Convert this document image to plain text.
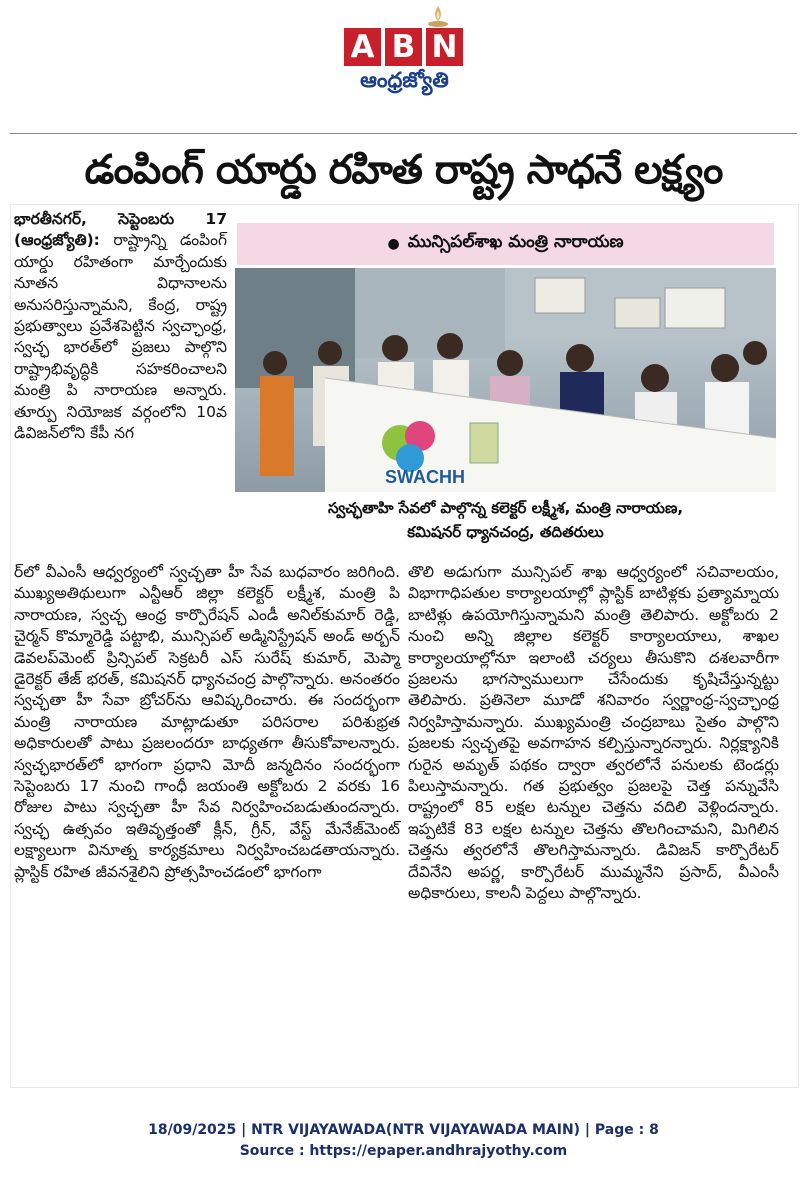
A B N
ఆంధ్రజ్యోతి
డంపింగ్ యార్డు రహిత రాష్ట్ర సాధనే లక్ష్యం

భారతీనగర్, సెప్టెంబరు 17 (ఆంధ్రజ్యోతి): రాష్ట్రాన్ని డంపింగ్ యార్డు రహితంగా మార్చేందుకు నూతన విధానాలను అనుసరిస్తున్నామని, కేంద్ర, రాష్ట్ర ప్రభుత్వాలు ప్రవేశపెట్టిన స్వచ్ఛాంధ్ర, స్వచ్ఛ భారత్‌లో ప్రజలు పాల్గొని రాష్ట్రాభివృద్ధికి సహకరించాలని మంత్రి పి నారాయణ అన్నారు. తూర్పు నియోజక వర్గంలోని 10వ డివిజన్‌లోని కేపీ నగ

● మున్సిపల్‌శాఖ మంత్రి నారాయణ
SWACHH
స్వచ్ఛతాహి సేవలో పాల్గొన్న కలెక్టర్ లక్ష్మీశ, మంత్రి నారాయణ,
కమిషనర్ ధ్యానచంద్ర, తదితరులు

ర్‌లో వీఎంసీ ఆధ్వర్యంలో స్వచ్ఛతా హీ సేవ బుధవారం జరిగింది. ముఖ్యఅతిథులుగా ఎన్టీఆర్ జిల్లా కలెక్టర్ లక్ష్మీశ, మంత్రి పి నారాయణ, స్వచ్ఛ ఆంధ్ర కార్పొరేషన్ ఎండీ అనిల్‌కుమార్ రెడ్డి, చైర్మన్ కొమ్మారెడ్డి పట్టాభి, మున్సిపల్ అడ్మినిస్ట్రేషన్ అండ్ అర్బన్ డెవలప్‌మెంట్ ప్రిన్సిపల్ సెక్రటరీ ఎస్ సురేష్ కుమార్, మెప్మా డైరెక్టర్ తేజ్ భరత్, కమిషనర్ ధ్యానచంద్ర పాల్గొన్నారు. అనంతరం స్వచ్ఛతా హీ సేవా బ్రోచర్‌ను ఆవిష్కరించారు. ఈ సందర్భంగా మంత్రి నారాయణ మాట్లాడుతూ పరిసరాల పరిశుభ్రత అధికారులతో పాటు ప్రజలందరూ బాధ్యతగా తీసుకోవాలన్నారు. స్వచ్ఛభారత్‌లో భాగంగా ప్రధాని మోదీ జన్మదినం సందర్భంగా సెప్టెంబరు 17 నుంచి గాంధీ జయంతి అక్టోబరు 2 వరకు 16 రోజుల పాటు స్వచ్ఛతా హీ సేవ నిర్వహించబడుతుందన్నారు. స్వచ్ఛ ఉత్సవం ఇతివృత్తంతో క్లీన్, గ్రీన్, వేస్ట్ మేనేజ్‌మెంట్ లక్ష్యాలుగా వినూత్న కార్యక్రమాలు నిర్వహించబడతాయన్నారు. ప్లాస్టిక్ రహిత జీవనశైలిని ప్రోత్సహించడంలో భాగంగా

తొలి అడుగుగా మున్సిపల్ శాఖ ఆధ్వర్యంలో సచివాలయం, విభాగాధిపతుల కార్యాలయాల్లో ప్లాస్టిక్ బాటిళ్లకు ప్రత్యామ్నాయ బాటిళ్లు ఉపయోగిస్తున్నామని మంత్రి తెలిపారు. అక్టోబరు 2 నుంచి అన్ని జిల్లాల కలెక్టర్ కార్యాలయాలు, శాఖల కార్యాలయాల్లోనూ ఇలాంటి చర్యలు తీసుకొని దశలవారీగా ప్రజలను భాగస్వాములుగా చేసేందుకు కృషిచేస్తున్నట్టు తెలిపారు. ప్రతినెలా మూడో శనివారం స్వర్ణాంధ్ర-స్వచ్ఛాంధ్ర నిర్వహిస్తామన్నారు. ముఖ్యమంత్రి చంద్రబాబు సైతం పాల్గొని ప్రజలకు స్వచ్ఛతపై అవగాహన కల్పిస్తున్నారన్నారు. నిర్లక్ష్యానికి గురైన అమృత్ పథకం ద్వారా త్వరలోనే పనులకు టెండర్లు పిలుస్తామన్నారు. గత ప్రభుత్వం ప్రజలపై చెత్త పన్నువేసి రాష్ట్రంలో 85 లక్షల టన్నుల చెత్తను వదిలి వెళ్లిందన్నారు. ఇప్పటికే 83 లక్షల టన్నుల చెత్తను తొలగించామని, మిగిలిన చెత్తను త్వరలోనే తొలగిస్తామన్నారు. డివిజన్ కార్పొరేటర్ దేవినేని అపర్ణ, కార్పొరేటర్ ముమ్మనేని ప్రసాద్, వీఎంసీ అధికారులు, కాలనీ పెద్దలు పాల్గొన్నారు.

18/09/2025 | NTR VIJAYAWADA(NTR VIJAYAWADA MAIN) | Page : 8
Source : https://epaper.andhrajyothy.com
